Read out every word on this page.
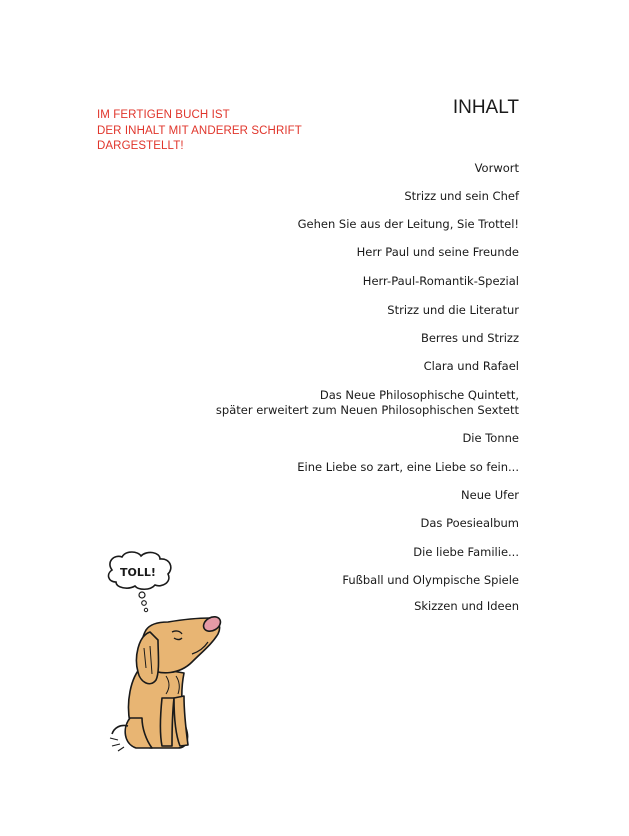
IM FERTIGEN BUCH IST
DER INHALT MIT ANDERER SCHRIFT
DARGESTELLT!
INHALT
Vorwort
Strizz und sein Chef
Gehen Sie aus der Leitung, Sie Trottel!
Herr Paul und seine Freunde
Herr-Paul-Romantik-Spezial
Strizz und die Literatur
Berres und Strizz
Clara und Rafael
Das Neue Philosophische Quintett,
später erweitert zum Neuen Philosophischen Sextett
Die Tonne
Eine Liebe so zart, eine Liebe so fein...
Neue Ufer
Das Poesiealbum
Die liebe Familie...
Fußball und Olympische Spiele
Skizzen und Ideen
TOLL!
